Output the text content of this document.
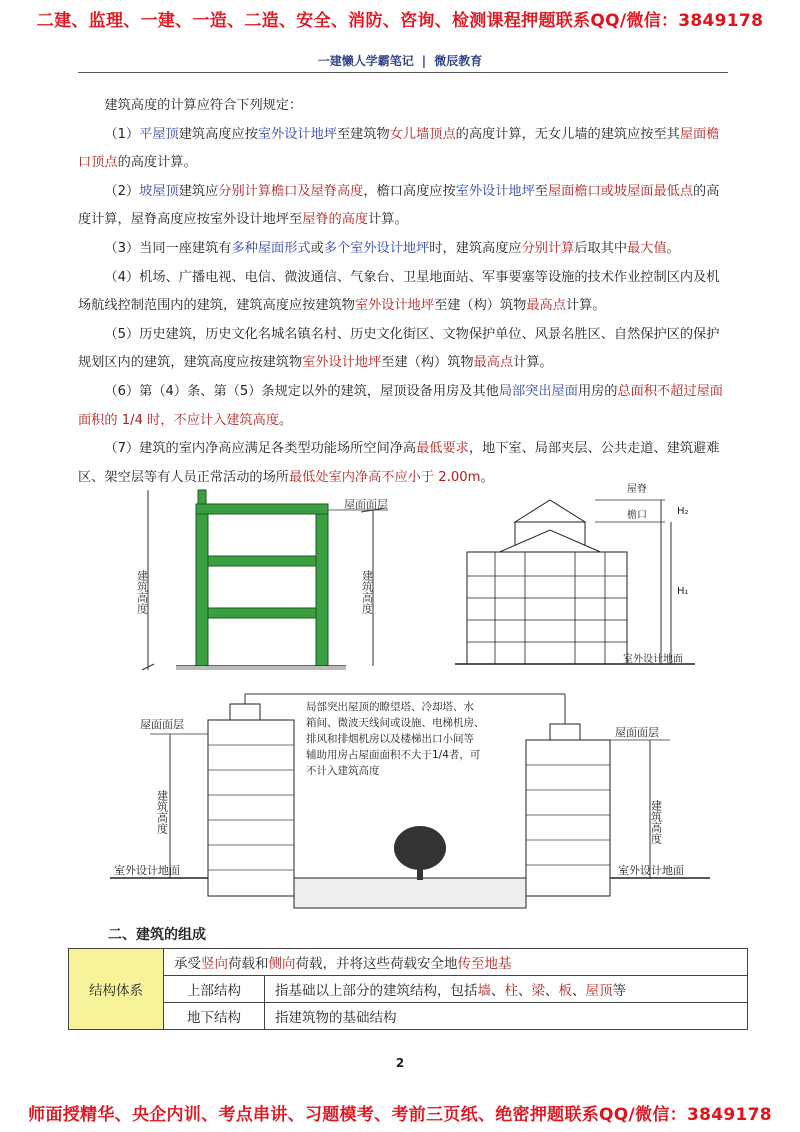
二建、监理、一建、一造、二造、安全、消防、咨询、检测课程押题联系QQ/微信：3849178
一建懒人学霸笔记 | 微辰教育

建筑高度的计算应符合下列规定：

（1）平屋顶建筑高度应按室外设计地坪至建筑物女儿墙顶点的高度计算，无女儿墙的建筑应按至其屋面檐口顶点的高度计算。

（2）坡屋顶建筑应分别计算檐口及屋脊高度，檐口高度应按室外设计地坪至屋面檐口或坡屋面最低点的高度计算，屋脊高度应按室外设计地坪至屋脊的高度计算。

（3）当同一座建筑有多种屋面形式或多个室外设计地坪时，建筑高度应分别计算后取其中最大值。

（4）机场、广播电视、电信、微波通信、气象台、卫星地面站、军事要塞等设施的技术作业控制区内及机场航线控制范围内的建筑，建筑高度应按建筑物室外设计地坪至建（构）筑物最高点计算。

（5）历史建筑，历史文化名城名镇名村、历史文化街区、文物保护单位、风景名胜区、自然保护区的保护规划区内的建筑，建筑高度应按建筑物室外设计地坪至建（构）筑物最高点计算。

（6）第（4）条、第（5）条规定以外的建筑，屋顶设备用房及其他局部突出屋面用房的总面积不超过屋面面积的 1/4 时，不应计入建筑高度。

（7）建筑的室内净高应满足各类型功能场所空间净高最低要求，地下室、局部夹层、公共走道、建筑避难区、架空层等有人员正常活动的场所最低处室内净高不应小于 2.00m。

屋面面层
建筑高度	建筑高度
屋脊
檐口	H₂
H₁
室外设计地面
屋面面层
屋面面层
建筑高度	建筑高度
室外设计地面	室外设计地面
局部突出屋顶的瞭望塔、冷却塔、水
箱间、微波天线间或设施、电梯机房、
排风和排烟机房以及楼梯出口小间等
辅助用房占屋面面积不大于1/4者，可
不计入建筑高度
二、建筑的组成
结构体系	承受竖向荷载和侧向荷载，并将这些荷载安全地传至地基	
	上部结构	指基础以上部分的建筑结构，包括墙、柱、梁、板、屋顶等
	地下结构	指建筑物的基础结构
2
师面授精华、央企内训、考点串讲、习题模考、考前三页纸、绝密押题联系QQ/微信：3849178
